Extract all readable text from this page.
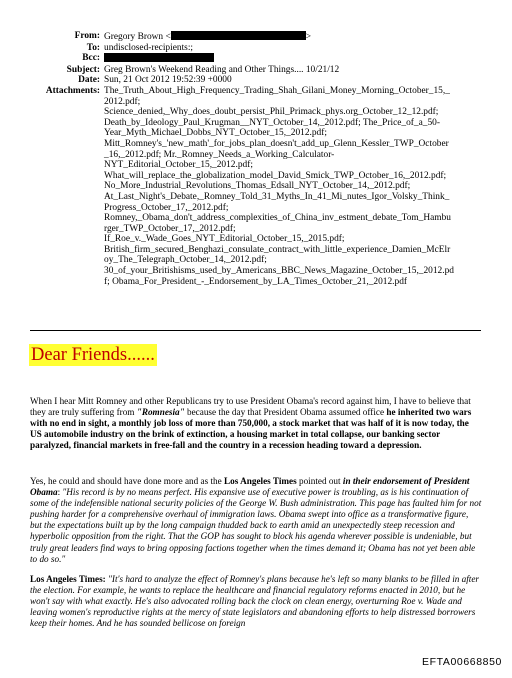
From: Gregory Brown <	>
To: undisclosed-recipients:;
Bcc:
Subject: Greg Brown's Weekend Reading and Other Things.... 10/21/12
Date: Sun, 21 Oct 2012 19:52:39 +0000
Attachments: The_Truth_About_High_Frequency_Trading_Shah_Gilani_Money_Morning_October_15,_
2012.pdf;
Science_denied,_Why_does_doubt_persist_Phil_Primack_phys.org_October_12_12.pdf;
Death_by_Ideology_Paul_Krugman__NYT_October_14,_2012.pdf; The_Price_of_a_50-
Year_Myth_Michael_Dobbs_NYT_October_15,_2012.pdf;
Mitt_Romney's_'new_math'_for_jobs_plan_doesn't_add_up_Glenn_Kessler_TWP_October
_16,_2012.pdf; Mr._Romney_Needs_a_Working_Calculator-
NYT_Editorial_October_15,_2012.pdf;
What_will_replace_the_globalization_model_David_Smick_TWP_October_16,_2012.pdf;
No_More_Industrial_Revolutions_Thomas_Edsall_NYT_October_14,_2012.pdf;
At_Last_Night's_Debate,_Romney_Told_31_Myths_In_41_Mi_nutes_Igor_Volsky_Think_
Progress_October_17,_2012.pdf;
Romney,_Obama_don't_address_complexities_of_China_inv_estment_debate_Tom_Hambu
rger_TWP_October_17,_2012.pdf;
If_Roe_v._Wade_Goes_NYT_Editorial_October_15,_2015.pdf;
British_firm_secured_Benghazi_consulate_contract_with_little_experience_Damien_McElr
oy_The_Telegraph_October_14,_2012.pdf;
30_of_your_Britishisms_used_by_Americans_BBC_News_Magazine_October_15,_2012.pd
f; Obama_For_President_-_Endorsement_by_LA_Times_October_21,_2012.pdf
Dear Friends......

When I hear Mitt Romney and other Republicans try to use President Obama's record against him, I have to believe that they are truly suffering from "Romnesia" because the day that President Obama assumed office he inherited two wars with no end in sight, a monthly job loss of more than 750,000, a stock market that was half of it is now today, the US automobile industry on the brink of extinction, a housing market in total collapse, our banking sector paralyzed, financial markets in free-fall and the country in a recession heading toward a depression.

Yes, he could and should have done more and as the Los Angeles Times pointed out in their endorsement of President Obama: "His record is by no means perfect. His expansive use of executive power is troubling, as is his continuation of some of the indefensible national security policies of the George W. Bush administration. This page has faulted him for not pushing harder for a comprehensive overhaul of immigration laws. Obama swept into office as a transformative figure, but the expectations built up by the long campaign thudded back to earth amid an unexpectedly steep recession and hyperbolic opposition from the right. That the GOP has sought to block his agenda wherever possible is undeniable, but truly great leaders find ways to bring opposing factions together when the times demand it; Obama has not yet been able to do so."

Los Angeles Times: "It's hard to analyze the effect of Romney's plans because he's left so many blanks to be filled in after the election. For example, he wants to replace the healthcare and financial regulatory reforms enacted in 2010, but he won't say with what exactly. He's also advocated rolling back the clock on clean energy, overturning Roe v. Wade and leaving women's reproductive rights at the mercy of state legislators and abandoning efforts to help distressed borrowers keep their homes. And he has sounded bellicose on foreign

EFTA00668850
